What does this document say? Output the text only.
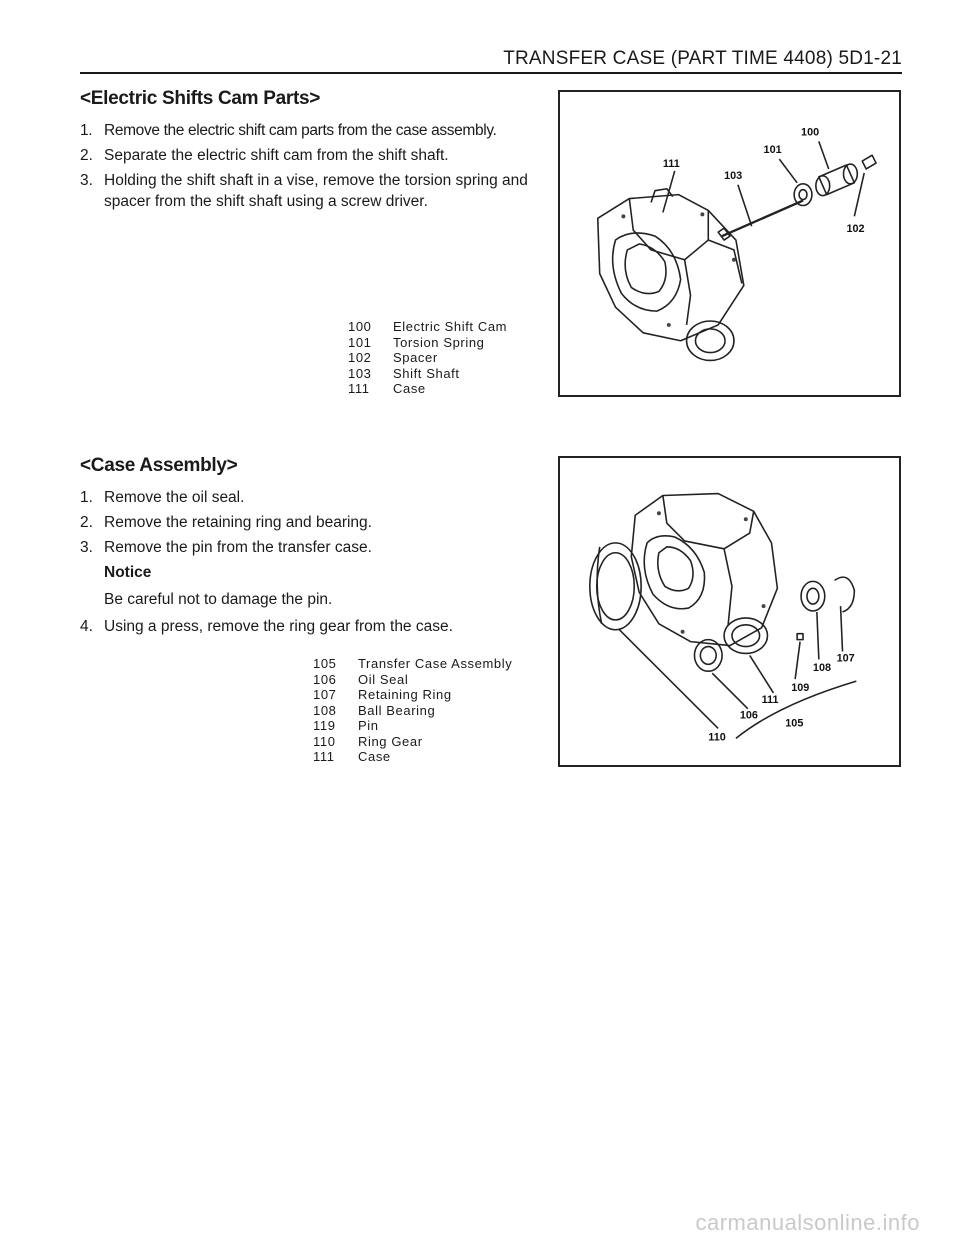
TRANSFER CASE (PART TIME 4408) 5D1-21
<Electric Shifts Cam Parts>
1. Remove the electric shift cam parts from the case assembly.
2. Separate the electric shift cam from the shift shaft.
3. Holding the shift shaft in a vise, remove the torsion spring and spacer from the shift shaft using a screw driver.
100	Electric Shift Cam
101	Torsion Spring
102	Spacer
103	Shift Shaft
111	Case
100
101
111
103
102
<Case Assembly>
1. Remove the oil seal.
2. Remove the retaining ring and bearing.
3. Remove the pin from the transfer case.
Notice
Be careful not to damage the pin.
4. Using a press, remove the ring gear from the case.
105	Transfer Case Assembly
106	Oil Seal
107	Retaining Ring
108	Ball Bearing
119	Pin
110	Ring Gear
111	Case
107
108
109
111
106
105
110
carmanualsonline.info
